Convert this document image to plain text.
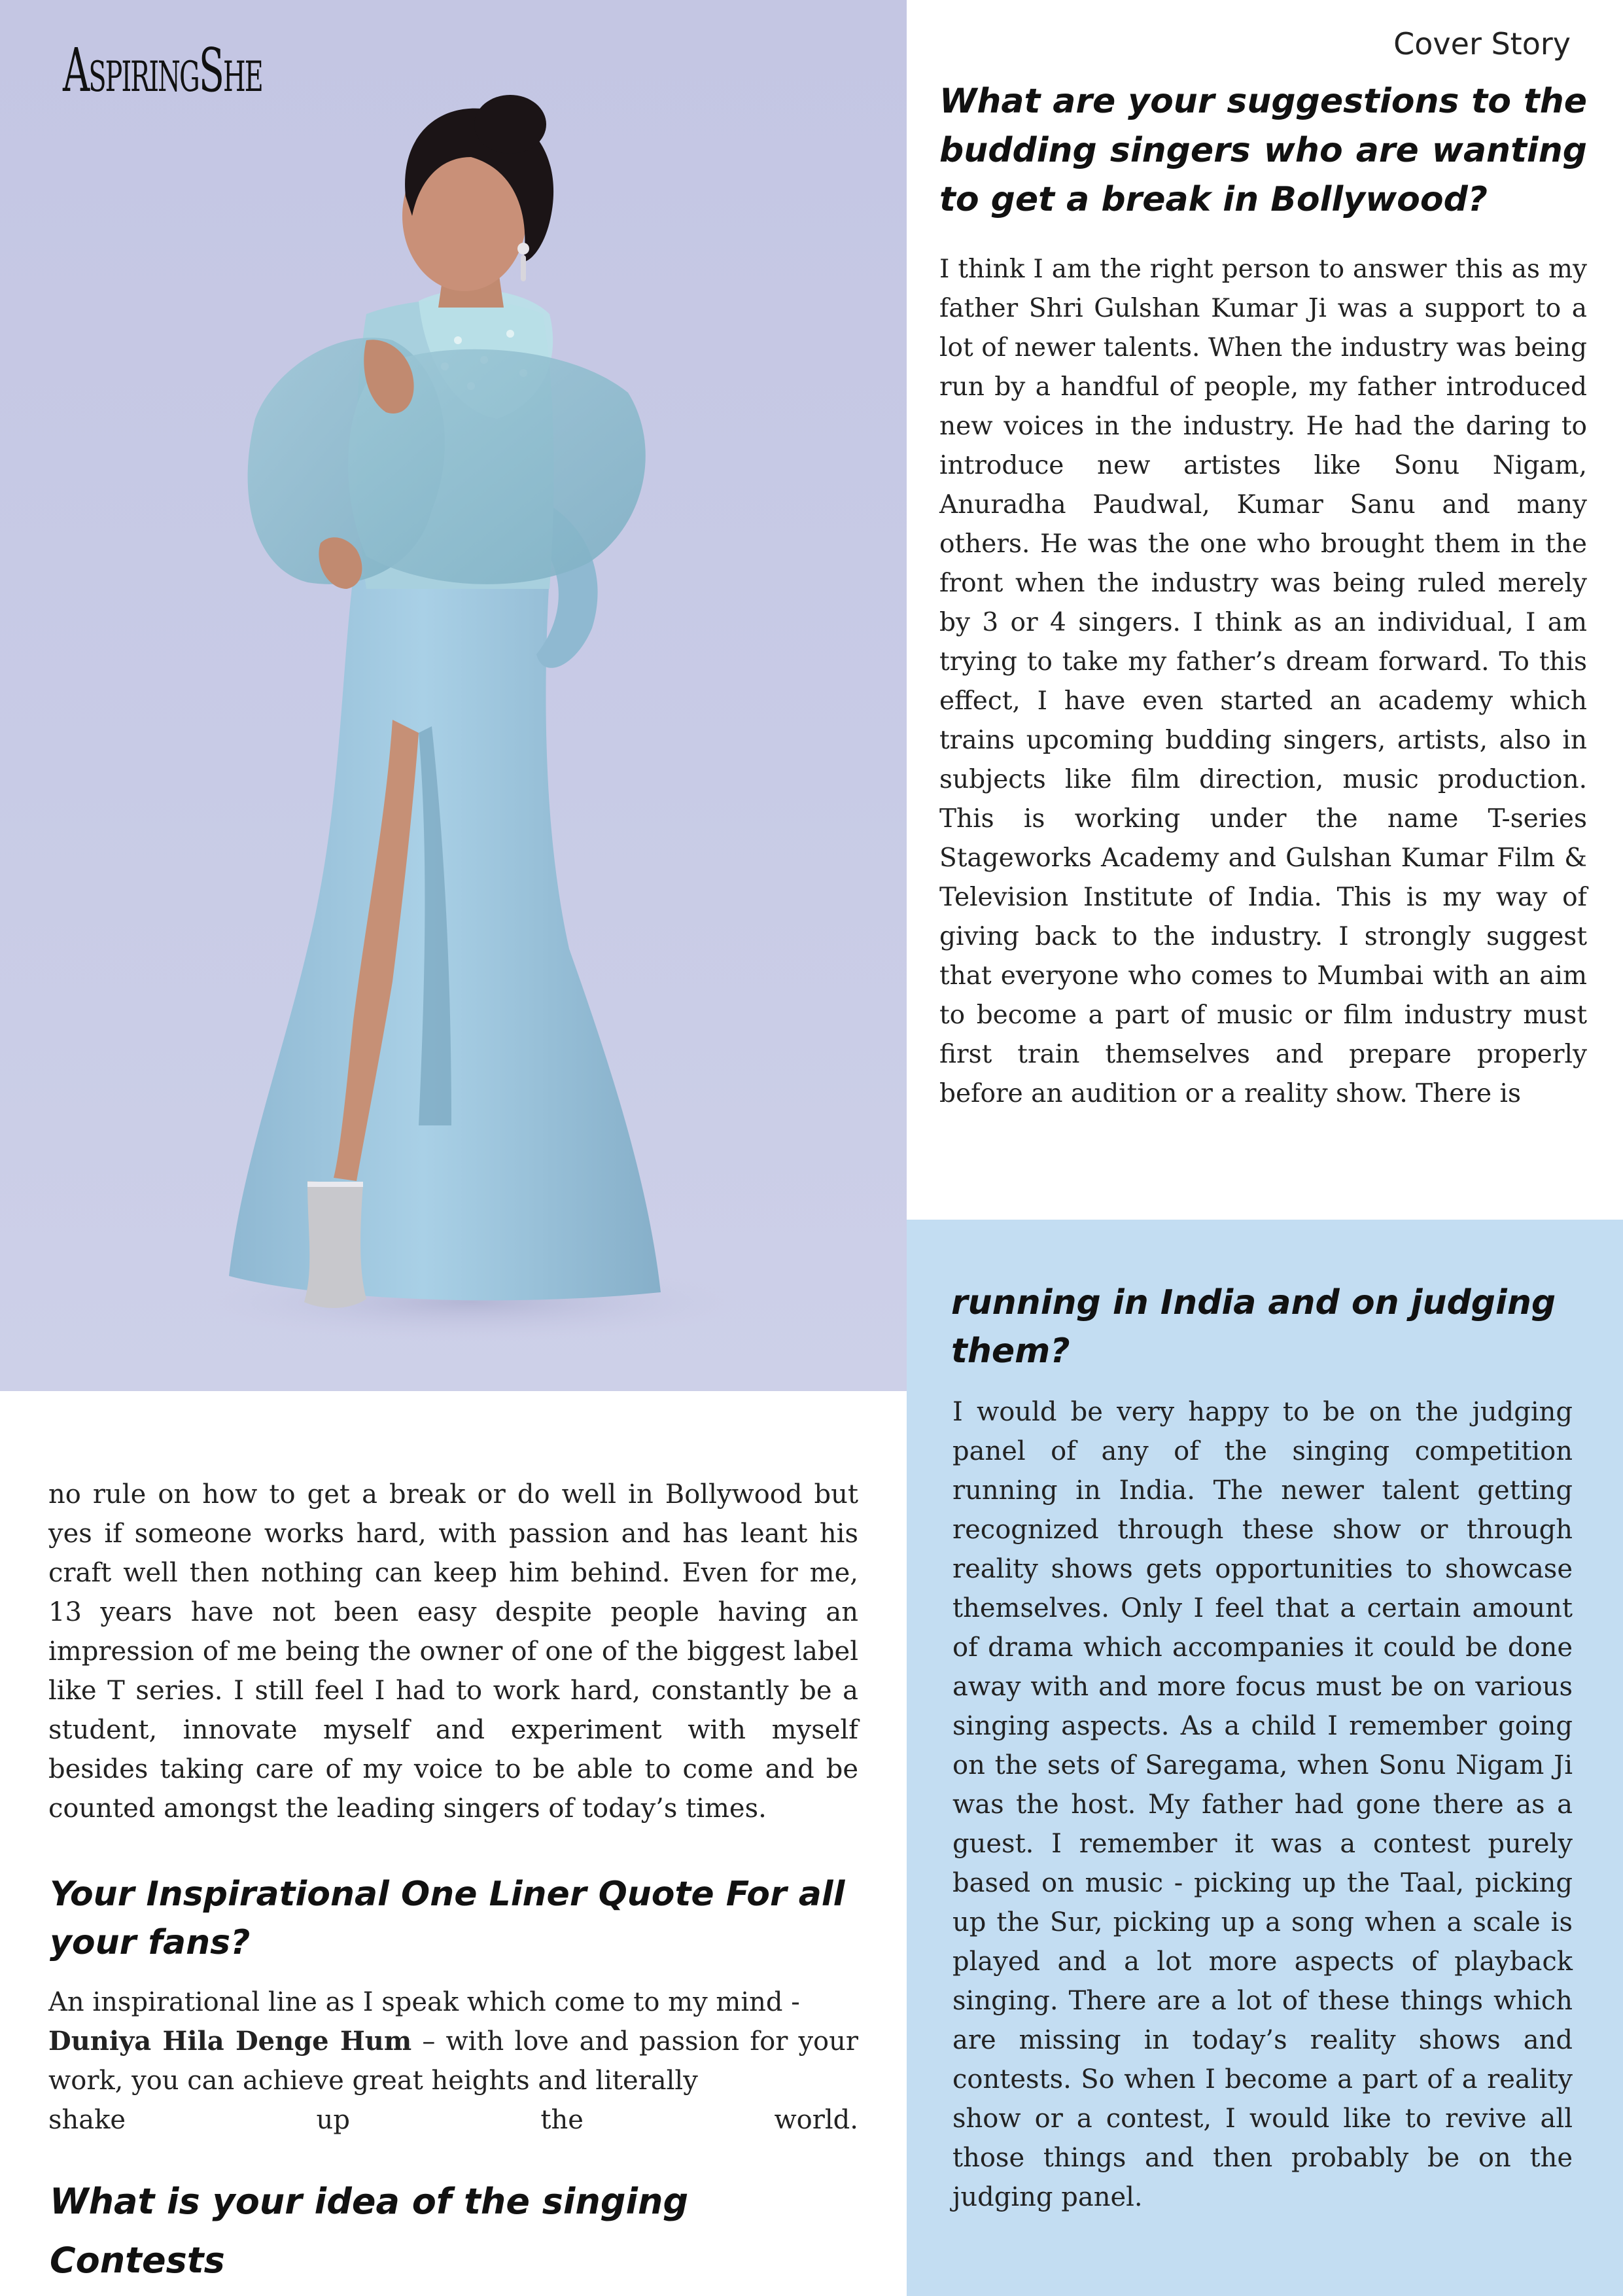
AspiringShe	Cover Story

What are your suggestions to the budding singers who are wanting to get a break in Bollywood?

I think I am the right person to answer this as my father Shri Gulshan Kumar Ji was a support to a lot of newer talents. When the industry was being run by a handful of people, my father introduced new voices in the industry. He had the daring to introduce new artistes like Sonu Nigam, Anuradha Paudwal, Kumar Sanu and many others. He was the one who brought them in the front when the industry was being ruled merely by 3 or 4 singers. I think as an individual, I am trying to take my father’s dream forward. To this effect, I have even started an academy which trains upcoming budding singers, artists, also in subjects like film direction, music production. This is working under the name T-series Stageworks Academy and Gulshan Kumar Film & Television Institute of India. This is my way of giving back to the industry. I strongly suggest that everyone who comes to Mumbai with an aim to become a part of music or film industry must first train themselves and prepare properly before an audition or a reality show. There is

no rule on how to get a break or do well in Bollywood but yes if someone works hard, with passion and has leant his craft well then nothing can keep him behind. Even for me, 13 years have not been easy despite people having an impression of me being the owner of one of the biggest label like T series. I still feel I had to work hard, constantly be a student, innovate myself and experiment with myself besides taking care of my voice to be able to come and be counted amongst the leading singers of today’s times.

Your Inspirational One Liner Quote For all your fans?

An inspirational line as I speak which come to my mind -
Duniya Hila Denge Hum – with love and passion for your work, you can achieve great heights and literally
shake up the world.

What is your idea of the singing Contests
running in India and on judging them?

I would be very happy to be on the judging panel of any of the singing competition running in India. The newer talent getting recognized through these show or through reality shows gets opportunities to showcase themselves. Only I feel that a certain amount of drama which accompanies it could be done away with and more focus must be on various singing aspects. As a child I remember going on the sets of Saregama, when Sonu Nigam Ji was the host. My father had gone there as a guest. I remember it was a contest purely based on music - picking up the Taal, picking up the Sur, picking up a song when a scale is played and a lot more aspects of playback singing. There are a lot of these things which are missing in today’s reality shows and contests. So when I become a part of a reality show or a contest, I would like to revive all those things and then probably be on the judging panel.
